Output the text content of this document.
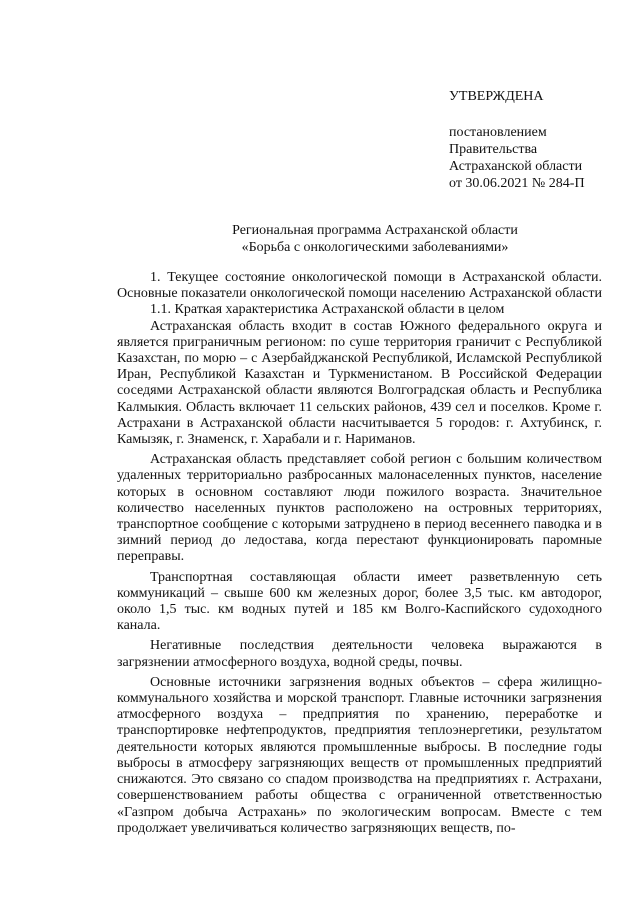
УТВЕРЖДЕНА
постановлением
Правительства
Астраханской области
от 30.06.2021 № 284-П
Региональная программа Астраханской области
«Борьба с онкологическими заболеваниями»

1. Текущее состояние онкологической помощи в Астраханской области. Основные показатели онкологической помощи населению Астраханской области

1.1. Краткая характеристика Астраханской области в целом

Астраханская область входит в состав Южного федерального округа и является приграничным регионом: по суше территория граничит с Республикой Казахстан, по морю – с Азербайджанской Республикой, Исламской Республикой Иран, Республикой Казахстан и Туркменистаном. В Российской Федерации соседями Астраханской области являются Волгоградская область и Республика Калмыкия. Область включает 11 сельских районов, 439 сел и поселков. Кроме г. Астрахани в Астраханской области насчитывается 5 городов: г. Ахтубинск, г. Камызяк, г. Знаменск, г. Харабали и г. Нариманов.

Астраханская область представляет собой регион с большим количеством удаленных территориально разбросанных малонаселенных пунктов, население которых в основном составляют люди пожилого возраста. Значительное количество населенных пунктов расположено на островных территориях, транспортное сообщение с которыми затруднено в период весеннего паводка и в зимний период до ледостава, когда перестают функционировать паромные переправы.

Транспортная составляющая области имеет разветвленную сеть коммуникаций – свыше 600 км железных дорог, более 3,5 тыс. км автодорог, около 1,5 тыс. км водных путей и 185 км Волго-Каспийского судоходного канала.

Негативные последствия деятельности человека выражаются в загрязнении атмосферного воздуха, водной среды, почвы.

Основные источники загрязнения водных объектов – сфера жилищно-коммунального хозяйства и морской транспорт. Главные источники загрязнения атмосферного воздуха – предприятия по хранению, переработке и транспортировке нефтепродуктов, предприятия теплоэнергетики, результатом деятельности которых являются промышленные выбросы. В последние годы выбросы в атмосферу загрязняющих веществ от промышленных предприятий снижаются. Это связано со спадом производства на предприятиях г. Астрахани, совершенствованием работы общества с ограниченной ответственностью «Газпром добыча Астрахань» по экологическим вопросам. Вместе с тем продолжает увеличиваться количество загрязняющих веществ, по-
